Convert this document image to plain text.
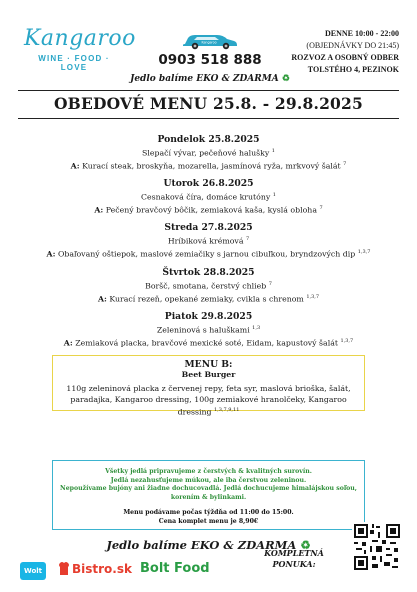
Kangaroo
WINE · FOOD · LOVE
Kangaroo
0903 518 888
Jedlo balíme EKO & ZDARMA ♻
DENNE 10:00 - 22:00
(OBJEDNÁVKY DO 21:45)
ROZVOZ A OSOBNÝ ODBER
TOLSTÉHO 4, PEZINOK
OBEDOVÉ MENU 25.8. - 29.8.2025
Pondelok 25.8.2025
Slepačí vývar, pečeňové halušky $^1$
A: Kurací steak, broskyňa, mozarella, jasmínová ryža, mrkvový šalát $^7$
Utorok 26.8.2025
Cesnaková číra, domáce krutóny $^1$
A: Pečený bravčový bôčik, zemiaková kaša, kyslá obloha $^7$
Streda 27.8.2025
Hríbiková krémová $^7$
A: Obaľovaný oštiepok, maslové zemiačiky s jarnou cibuľkou, bryndzových dip $^{1,3,7}$
Štvrtok 28.8.2025
Boršč, smotana, čerstvý chlieb $^7$
A: Kurací rezeň, opekané zemiaky, cvikla s chrenom $^{1,3,7}$
Piatok 29.8.2025
Zeleninová s haluškami $^{1,3}$
A: Zemiaková placka, bravčové mexické soté, Eidam, kapustový šalát $^{1,3,7}$
MENU B:
Beet Burger
110g zeleninová placka z červenej repy, feta syr, maslová brioška, šalát, paradajka, Kangaroo dressing, 100g zemiakové hranolčeky, Kangaroo dressing $^{1,3,7,9,11}$
Všetky jedlá pripravujeme z čerstvých & kvalitných surovín.
Jedlá nezahusťujeme múkou, ale iba čerstvou zeleninou.
Nepoužívame bujóny ani žiadne dochucovadlá. Jedlá dochucujeme himalájskou soľou,
korením & bylinkami.
Menu podávame počas týždňa od 11:00 do 15:00.
Cena komplet menu je 8,90€
Jedlo balíme EKO & ZDARMA ♻
Wolt	Bistro.sk Bolt Food
KOMPLETNÁ
PONUKA:
